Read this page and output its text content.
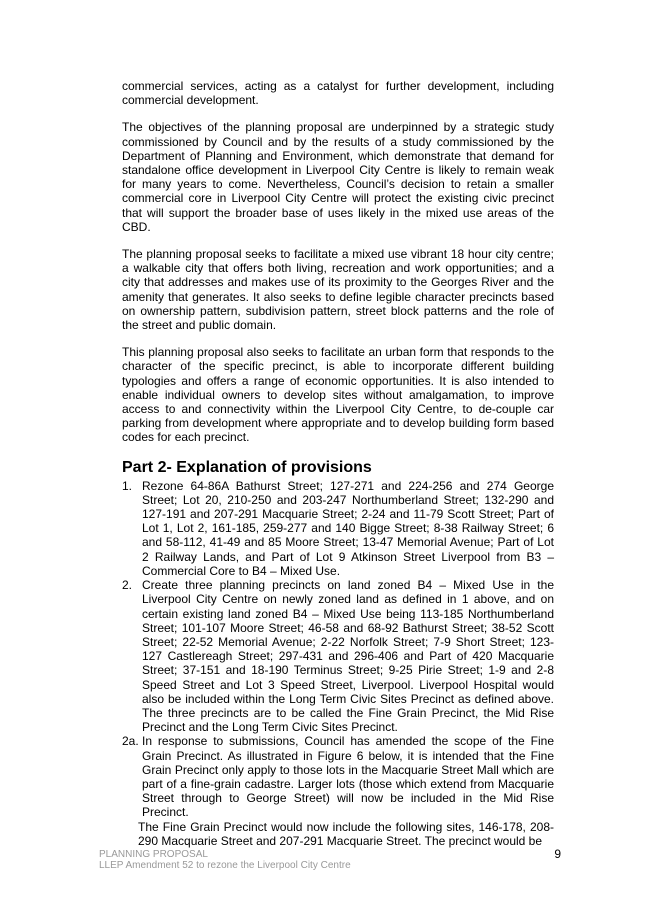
commercial services, acting as a catalyst for further development, including commercial development.

The objectives of the planning proposal are underpinned by a strategic study commissioned by Council and by the results of a study commissioned by the Department of Planning and Environment, which demonstrate that demand for standalone office development in Liverpool City Centre is likely to remain weak for many years to come. Nevertheless, Council’s decision to retain a smaller commercial core in Liverpool City Centre will protect the existing civic precinct that will support the broader base of uses likely in the mixed use areas of the CBD.

The planning proposal seeks to facilitate a mixed use vibrant 18 hour city centre; a walkable city that offers both living, recreation and work opportunities; and a city that addresses and makes use of its proximity to the Georges River and the amenity that generates. It also seeks to define legible character precincts based on ownership pattern, subdivision pattern, street block patterns and the role of the street and public domain.

This planning proposal also seeks to facilitate an urban form that responds to the character of the specific precinct, is able to incorporate different building typologies and offers a range of economic opportunities. It is also intended to enable individual owners to develop sites without amalgamation, to improve access to and connectivity within the Liverpool City Centre, to de-couple car parking from development where appropriate and to develop building form based codes for each precinct.

Part 2- Explanation of provisions
1. Rezone 64-86A Bathurst Street; 127-271 and 224-256 and 274 George Street; Lot 20, 210-250 and 203-247 Northumberland Street; 132-290 and 127-191 and 207-291 Macquarie Street; 2-24 and 11-79 Scott Street; Part of Lot 1, Lot 2, 161-185, 259-277 and 140 Bigge Street; 8-38 Railway Street; 6 and 58-112, 41-49 and 85 Moore Street; 13-47 Memorial Avenue; Part of Lot 2 Railway Lands, and Part of Lot 9 Atkinson Street Liverpool from B3 – Commercial Core to B4 – Mixed Use.
2. Create three planning precincts on land zoned B4 – Mixed Use in the Liverpool City Centre on newly zoned land as defined in 1 above, and on certain existing land zoned B4 – Mixed Use being 113-185 Northumberland Street; 101-107 Moore Street; 46-58 and 68-92 Bathurst Street; 38-52 Scott Street; 22-52 Memorial Avenue; 2-22 Norfolk Street; 7-9 Short Street; 123-127 Castlereagh Street; 297-431 and 296-406 and Part of 420 Macquarie Street; 37-151 and 18-190 Terminus Street; 9-25 Pirie Street; 1-9 and 2-8 Speed Street and Lot 3 Speed Street, Liverpool. Liverpool Hospital would also be included within the Long Term Civic Sites Precinct as defined above. The three precincts are to be called the Fine Grain Precinct, the Mid Rise Precinct and the Long Term Civic Sites Precinct.
2a. In response to submissions, Council has amended the scope of the Fine Grain Precinct. As illustrated in Figure 6 below, it is intended that the Fine Grain Precinct only apply to those lots in the Macquarie Street Mall which are part of a fine-grain cadastre. Larger lots (those which extend from Macquarie Street through to George Street) will now be included in the Mid Rise Precinct.

The Fine Grain Precinct would now include the following sites, 146-178, 208-290 Macquarie Street and 207-291 Macquarie Street. The precinct would be

PLANNING PROPOSAL
LLEP Amendment 52 to rezone the Liverpool City Centre
9
